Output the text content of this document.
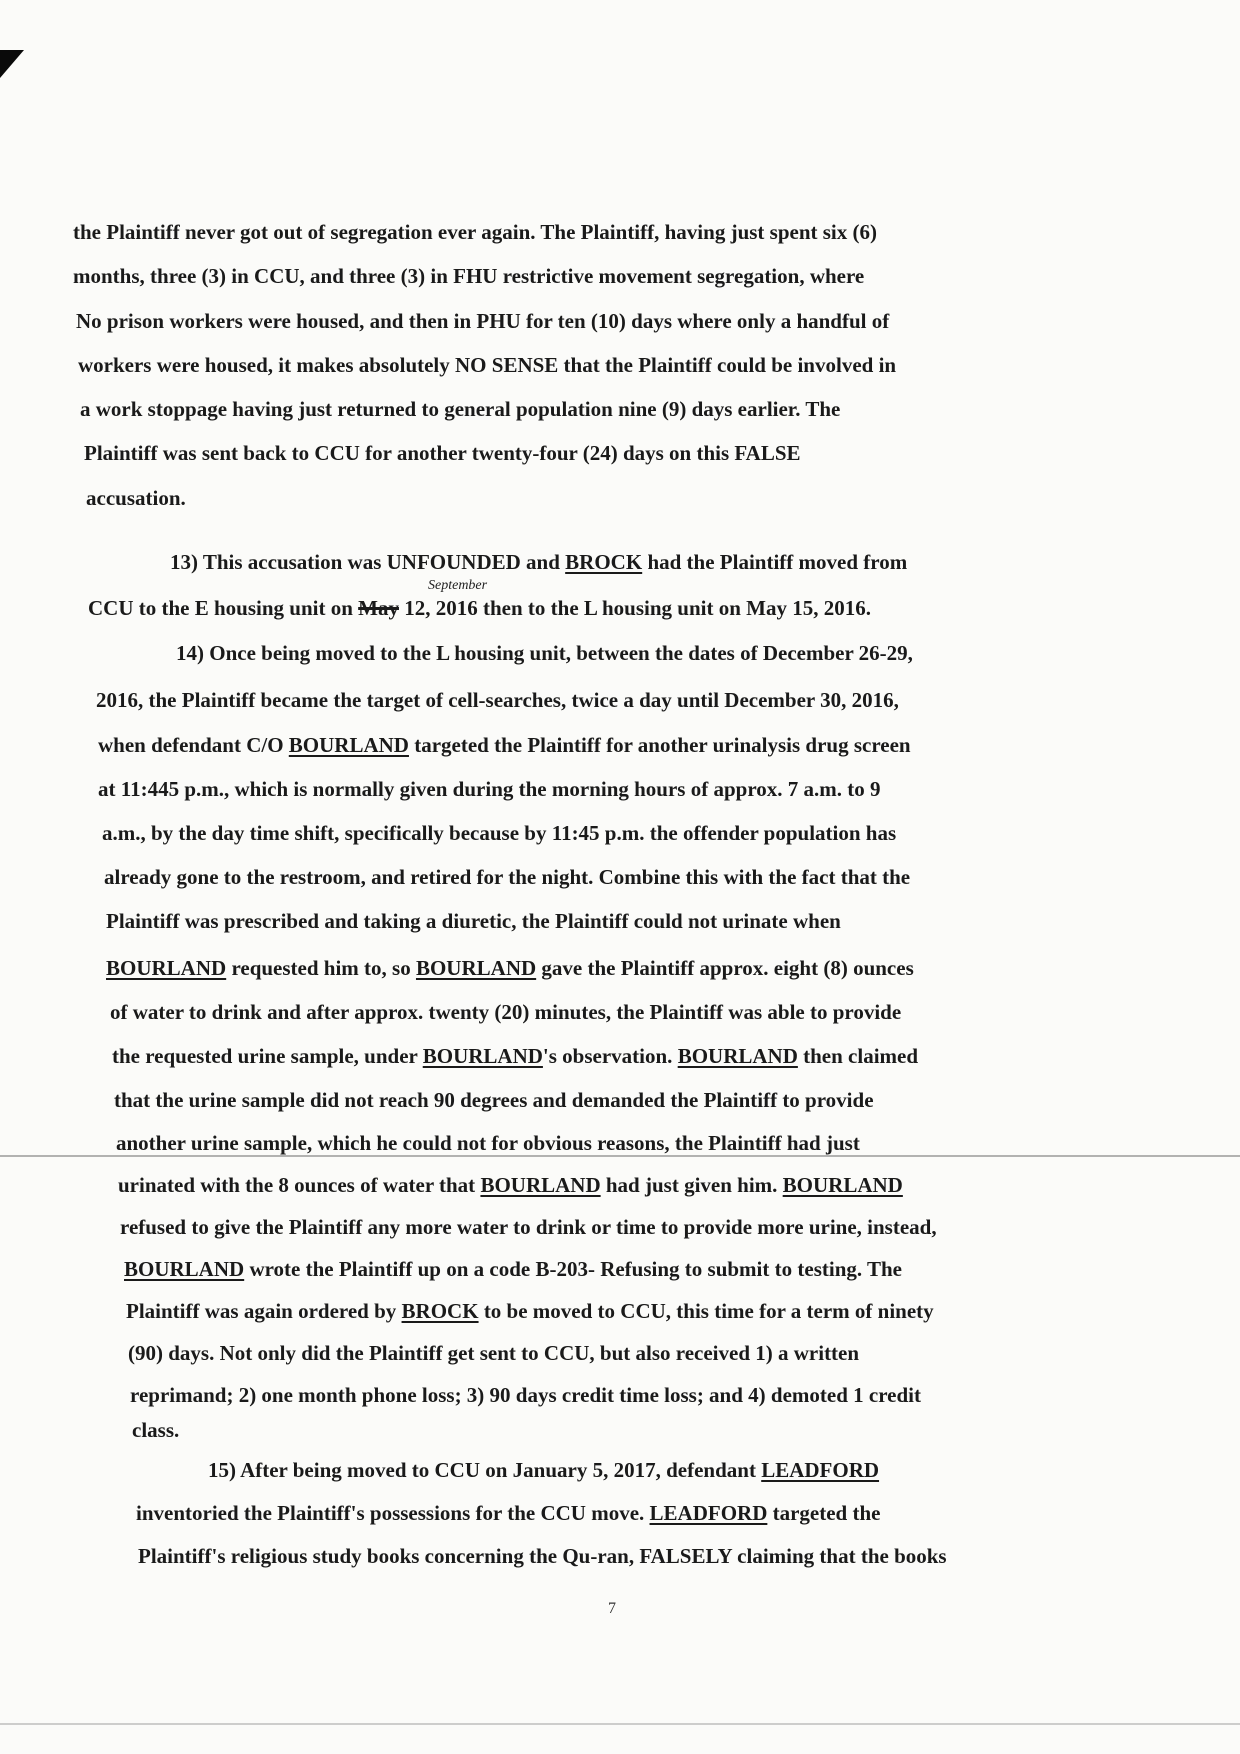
the Plaintiff never got out of segregation ever again. The Plaintiff, having just spent six (6)
months, three (3) in CCU, and three (3) in FHU restrictive movement segregation, where
No prison workers were housed, and then in PHU for ten (10) days where only a handful of
workers were housed, it makes absolutely NO SENSE that the Plaintiff could be involved in
a work stoppage having just returned to general population nine (9) days earlier. The
Plaintiff was sent back to CCU for another twenty-four (24) days on this FALSE
accusation.
13) This accusation was UNFOUNDED and BROCK had the Plaintiff moved from
September
CCU to the E housing unit on May 12, 2016 then to the L housing unit on May 15, 2016.
14) Once being moved to the L housing unit, between the dates of December 26-29,
2016, the Plaintiff became the target of cell-searches, twice a day until December 30, 2016,
when defendant C/O BOURLAND targeted the Plaintiff for another urinalysis drug screen
at 11:445 p.m., which is normally given during the morning hours of approx. 7 a.m. to 9
a.m., by the day time shift, specifically because by 11:45 p.m. the offender population has
already gone to the restroom, and retired for the night. Combine this with the fact that the
Plaintiff was prescribed and taking a diuretic, the Plaintiff could not urinate when
BOURLAND requested him to, so BOURLAND gave the Plaintiff approx. eight (8) ounces
of water to drink and after approx. twenty (20) minutes, the Plaintiff was able to provide
the requested urine sample, under BOURLAND's observation. BOURLAND then claimed
that the urine sample did not reach 90 degrees and demanded the Plaintiff to provide
another urine sample, which he could not for obvious reasons, the Plaintiff had just
urinated with the 8 ounces of water that BOURLAND had just given him. BOURLAND
refused to give the Plaintiff any more water to drink or time to provide more urine, instead,
BOURLAND wrote the Plaintiff up on a code B-203- Refusing to submit to testing. The
Plaintiff was again ordered by BROCK to be moved to CCU, this time for a term of ninety
(90) days. Not only did the Plaintiff get sent to CCU, but also received 1) a written
reprimand; 2) one month phone loss; 3) 90 days credit time loss; and 4) demoted 1 credit
class.
15) After being moved to CCU on January 5, 2017, defendant LEADFORD
inventoried the Plaintiff's possessions for the CCU move. LEADFORD targeted the
Plaintiff's religious study books concerning the Qu-ran, FALSELY claiming that the books
7
